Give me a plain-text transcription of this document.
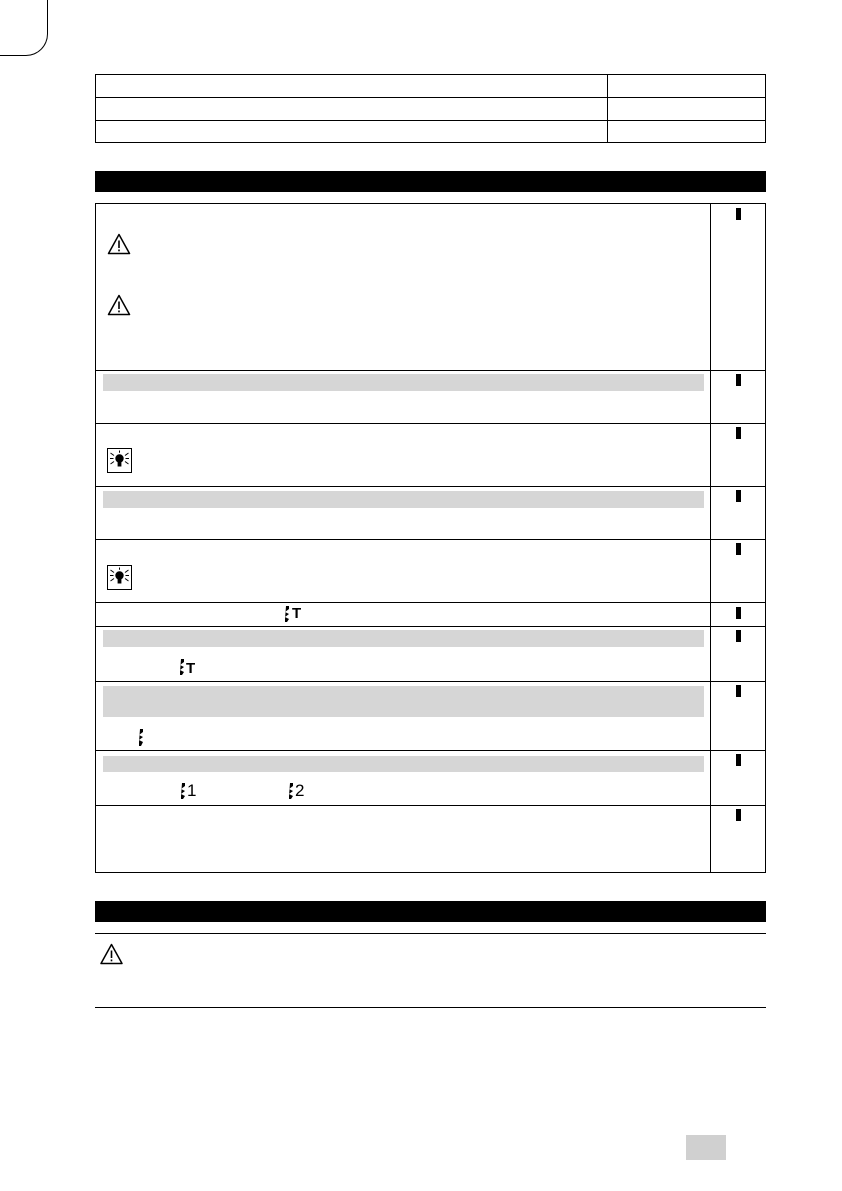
T
T
1	2
